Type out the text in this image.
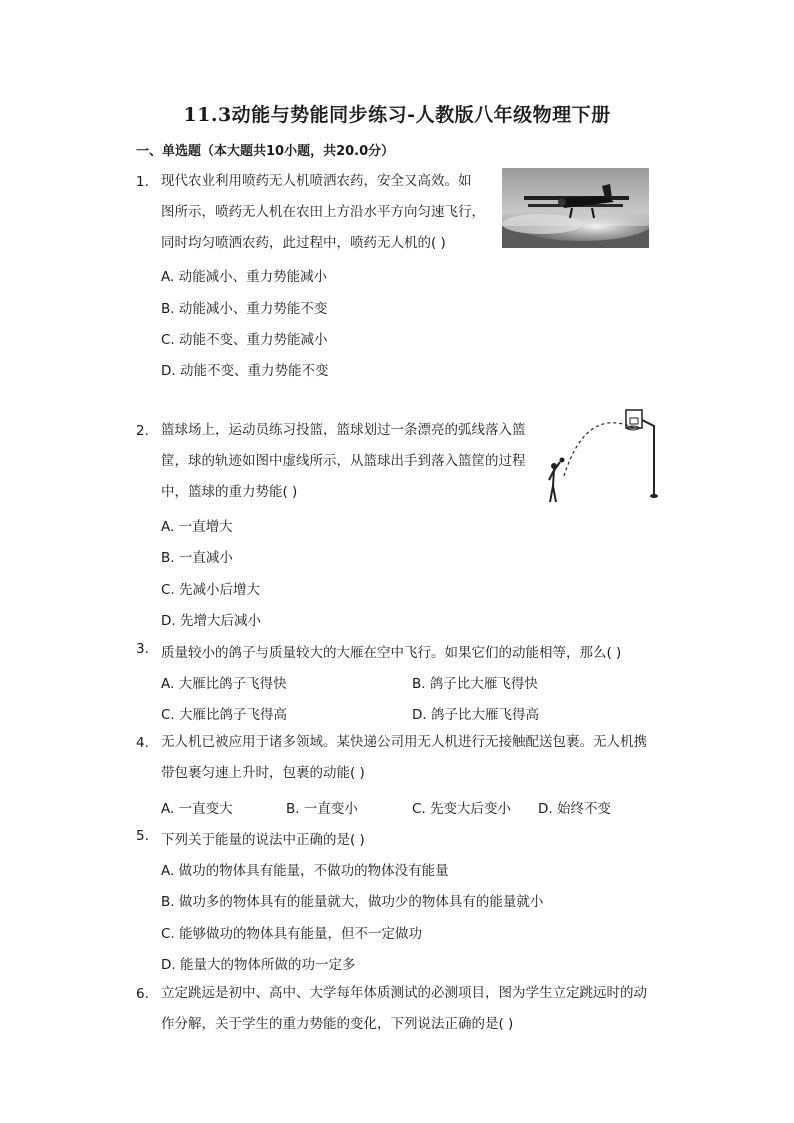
11.3动能与势能同步练习-人教版八年级物理下册
一、单选题（本大题共10小题，共20.0分）
1. 现代农业利用喷药无人机喷洒农药，安全又高效。如
图所示，喷药无人机在农田上方沿水平方向匀速飞行，
同时均匀喷洒农药，此过程中，喷药无人机的( )
A. 动能减小、重力势能减小
B. 动能减小、重力势能不变
C. 动能不变、重力势能减小
D. 动能不变、重力势能不变
2. 篮球场上，运动员练习投篮，篮球划过一条漂亮的弧线落入篮
筐，球的轨迹如图中虚线所示，从篮球出手到落入篮筐的过程
中，篮球的重力势能( )
A. 一直增大
B. 一直减小
C. 先减小后增大
D. 先增大后减小
3. 质量较小的鸽子与质量较大的大雁在空中飞行。如果它们的动能相等，那么( )
A. 大雁比鸽子飞得快	B. 鸽子比大雁飞得快
C. 大雁比鸽子飞得高	D. 鸽子比大雁飞得高
4. 无人机已被应用于诸多领域。某快递公司用无人机进行无接触配送包裹。无人机携
带包裹匀速上升时，包裹的动能( )
A. 一直变大	B. 一直变小	C. 先变大后变小 D. 始终不变
5. 下列关于能量的说法中正确的是( )
A. 做功的物体具有能量，不做功的物体没有能量
B. 做功多的物体具有的能量就大，做功少的物体具有的能量就小
C. 能够做功的物体具有能量，但不一定做功
D. 能量大的物体所做的功一定多
6. 立定跳远是初中、高中、大学每年体质测试的必测项目，图为学生立定跳远时的动
作分解，关于学生的重力势能的变化，下列说法正确的是( )
